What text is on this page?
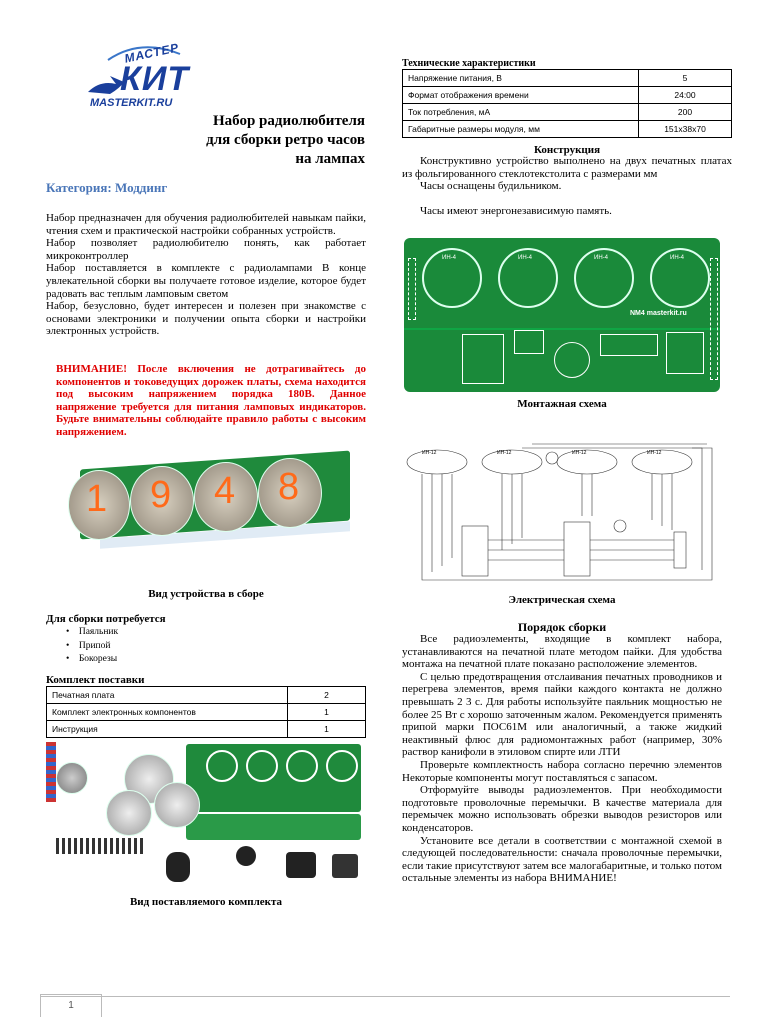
МАСТЕР
КИТ
MASTERKIT.RU
Набор радиолюбителя
для сборки ретро часов
на лампах
Категория: Моддинг

Набор предназначен для обучения радиолюбителей навыкам пайки, чтения схем и практической настройки собранных устройств.

Набор позволяет радиолюбителю понять, как работает микроконтроллер

Набор поставляется в комплекте с радиолампами В конце увлекательной сборки вы получаете готовое изделие, которое будет радовать вас теплым ламповым светом

Набор, безусловно, будет интересен и полезен при знакомстве с основами электроники и получении опыта сборки и настройки электронных устройств.

ВНИМАНИЕ! После включения не дотрагивайтесь до компонентов и токоведущих дорожек платы, схема находится под высоким напряжением порядка 180В. Данное напряжение требуется для питания ламповых индикаторов. Будьте внимательны соблюдайте правило работы с высоким напряжением.
1 9 4 8
Вид устройства в сборе
Для сборки потребуется
•    Паяльник
•    Припой
•    Бокорезы
Комплект поставки
Печатная плата	2
Комплект электронных компонентов	1
Инструкция	1
Вид поставляемого комплекта
Технические характеристики
Напряжение питания, В	5
Формат отображения времени	24:00
Ток потребления, мА	200
Габаритные размеры модуля, мм	151x38x70
Конструкция

Конструктивно устройство выполнено на двух печатных платах из фольгированного стеклотекстолита с размерами мм

Часы оснащены будильником.

Часы имеют энергонезависимую память.

ИН-4	ИН-4	ИН-4	ИН-4
NM4 masterkit.ru
Монтажная схема
ИН-12	ИН-12	ИН-12	ИН-12
Электрическая схема
Порядок сборки

Все радиоэлементы, входящие в комплект набора, устанавливаются на печатной плате методом пайки. Для удобства монтажа на печатной плате показано расположение элементов.

С целью предотвращения отслаивания печатных проводников и перегрева элементов, время пайки каждого контакта не должно превышать 2 3 с. Для работы используйте паяльник мощностью не более 25 Вт с хорошо заточенным жалом. Рекомендуется применять припой марки ПОС61М или аналогичный, а также жидкий неактивный флюс для радиомонтажных работ (например, 30% раствор канифоли в этиловом спирте или ЛТИ

Проверьте комплектность набора согласно перечню элементов Некоторые компоненты могут поставляться с запасом.

Отформуйте выводы радиоэлементов. При необходимости подготовьте проволочные перемычки. В качестве материала для перемычек можно использовать обрезки выводов резисторов или конденсаторов.

Установите все детали в соответствии с монтажной схемой в следующей последовательности: сначала проволочные перемычки, если такие присутствуют затем все малогабаритные, и только потом остальные элементы из набора ВНИМАНИЕ!

1
